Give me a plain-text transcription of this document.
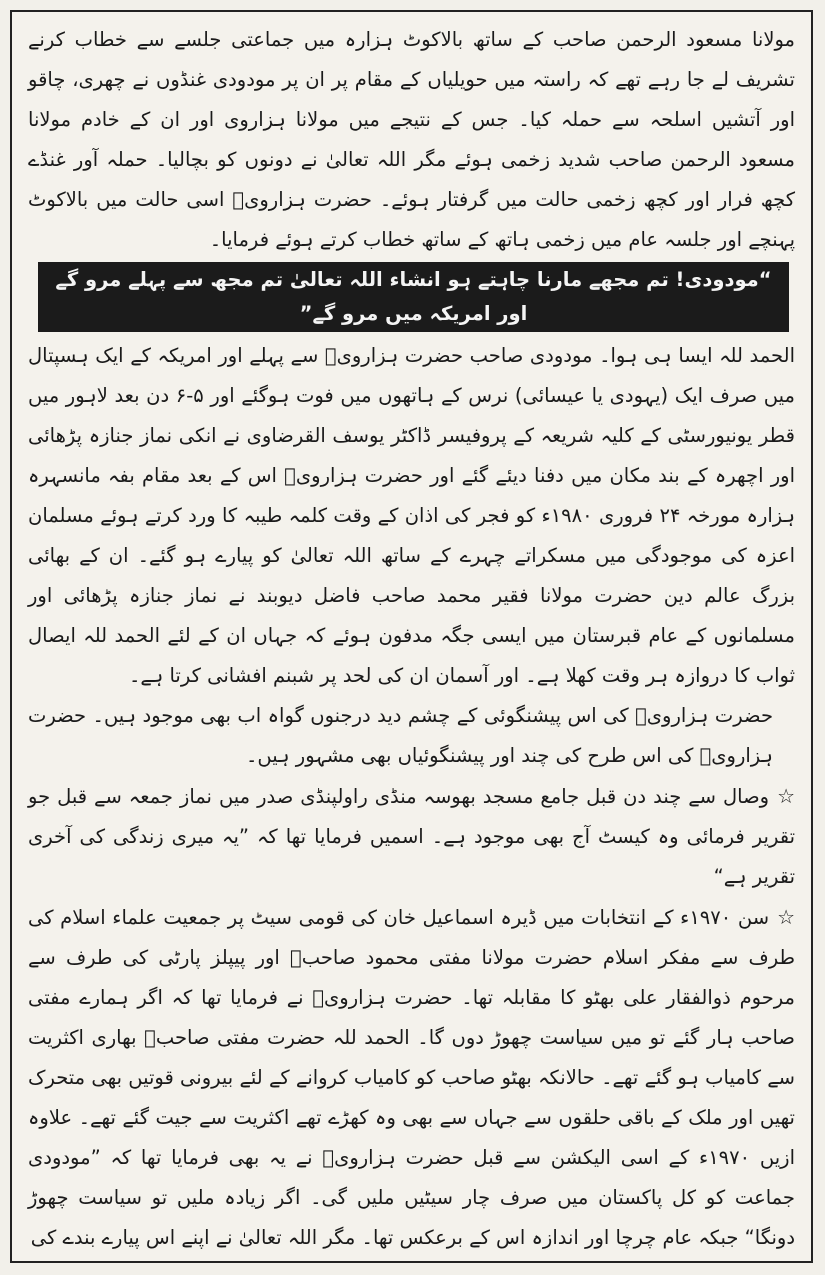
مولانا مسعود الرحمن صاحب کے ساتھ بالاکوٹ ہزارہ میں جماعتی جلسے سے خطاب کرنے تشریف لے جا رہے تھے کہ راستہ میں حویلیاں کے مقام پر ان پر مودودی غنڈوں نے چھری، چاقو اور آتشیں اسلحہ سے حملہ کیا۔ جس کے نتیجے میں مولانا ہزاروی اور ان کے خادم مولانا مسعود الرحمن صاحب شدید زخمی ہوئے مگر اللہ تعالیٰ نے دونوں کو بچالیا۔ حملہ آور غنڈے کچھ فرار اور کچھ زخمی حالت میں گرفتار ہوئے۔ حضرت ہزارویؒ اسی حالت میں بالاکوٹ پہنچے اور جلسہ عام میں زخمی ہاتھ کے ساتھ خطاب کرتے ہوئے فرمایا۔

“مودودی! تم مجھے مارنا چاہتے ہو انشاء اللہ تعالیٰ تم مجھ سے پہلے مرو گے اور امریکہ میں مرو گے”

الحمد للہ ایسا ہی ہوا۔ مودودی صاحب حضرت ہزارویؒ سے پہلے اور امریکہ کے ایک ہسپتال میں صرف ایک (یہودی یا عیسائی) نرس کے ہاتھوں میں فوت ہوگئے اور ۵-۶ دن بعد لاہور میں قطر یونیورسٹی کے کلیہ شریعہ کے پروفیسر ڈاکٹر یوسف القرضاوی نے انکی نماز جنازہ پڑھائی اور اچھرہ کے بند مکان میں دفنا دیئے گئے اور حضرت ہزارویؒ اس کے بعد مقام بفہ مانسہرہ ہزارہ مورخہ ۲۴ فروری ۱۹۸۰ء کو فجر کی اذان کے وقت کلمہ طیبہ کا ورد کرتے ہوئے مسلمان اعزہ کی موجودگی میں مسکراتے چہرے کے ساتھ اللہ تعالیٰ کو پیارے ہو گئے۔ ان کے بھائی بزرگ عالم دین حضرت مولانا فقیر محمد صاحب فاضل دیوبند نے نماز جنازہ پڑھائی اور مسلمانوں کے عام قبرستان میں ایسی جگہ مدفون ہوئے کہ جہاں ان کے لئے الحمد للہ ایصال ثواب کا دروازہ ہر وقت کھلا ہے۔ اور آسمان ان کی لحد پر شبنم افشانی کرتا ہے۔

حضرت ہزارویؒ کی اس پیشنگوئی کے چشم دید درجنوں گواہ اب بھی موجود ہیں۔ حضرت ہزارویؒ کی اس طرح کی چند اور پیشنگوئیاں بھی مشہور ہیں۔

☆وصال سے چند دن قبل جامع مسجد بھوسہ منڈی راولپنڈی صدر میں نماز جمعہ سے قبل جو تقریر فرمائی وہ کیسٹ آج بھی موجود ہے۔ اسمیں فرمایا تھا کہ ”یہ میری زندگی کی آخری تقریر ہے“

☆سن ۱۹۷۰ء کے انتخابات میں ڈیرہ اسماعیل خان کی قومی سیٹ پر جمعیت علماء اسلام کی طرف سے مفکر اسلام حضرت مولانا مفتی محمود صاحبؒ اور پیپلز پارٹی کی طرف سے مرحوم ذوالفقار علی بھٹو کا مقابلہ تھا۔ حضرت ہزارویؒ نے فرمایا تھا کہ اگر ہمارے مفتی صاحب ہار گئے تو میں سیاست چھوڑ دوں گا۔ الحمد للہ حضرت مفتی صاحبؒ بھاری اکثریت سے کامیاب ہو گئے تھے۔ حالانکہ بھٹو صاحب کو کامیاب کروانے کے لئے بیرونی قوتیں بھی متحرک تھیں اور ملک کے باقی حلقوں سے جہاں سے بھی وہ کھڑے تھے اکثریت سے جیت گئے تھے۔ علاوہ ازیں ۱۹۷۰ء کے اسی الیکشن سے قبل حضرت ہزارویؒ نے یہ بھی فرمایا تھا کہ ”مودودی جماعت کو کل پاکستان میں صرف چار سیٹیں ملیں گی۔ اگر زیادہ ملیں تو سیاست چھوڑ دونگا“ جبکہ عام چرچا اور اندازہ اس کے برعکس تھا۔ مگر اللہ تعالیٰ نے اپنے اس پیارے بندے کی
